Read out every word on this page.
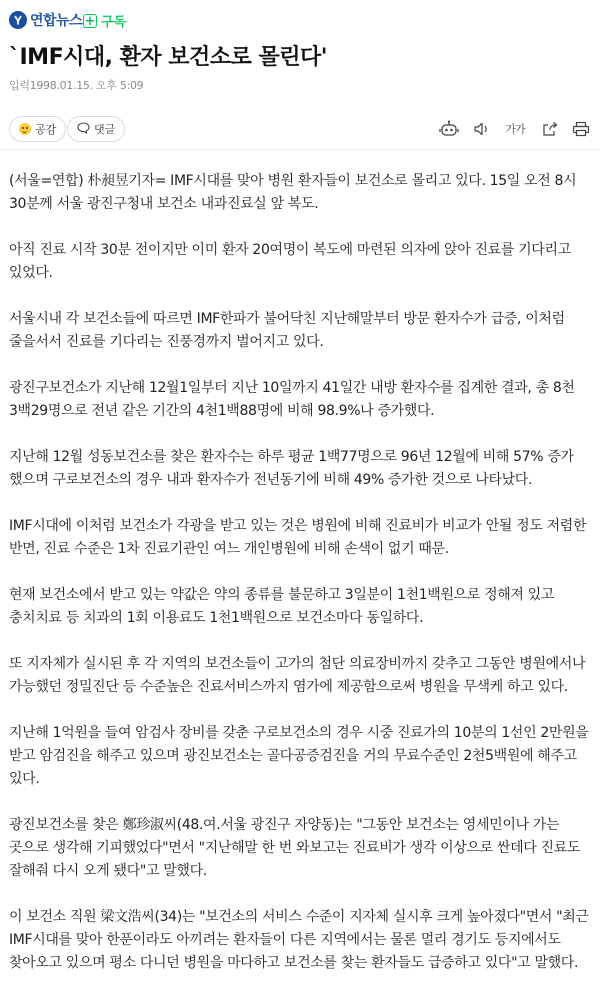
연합뉴스 + 구독
`IMF시대, 환자 보건소로 몰린다'
입력1998.01.15. 오후 5:09
공감	댓글	가가

(서울=연합) 朴昶昱기자= IMF시대를 맞아 병원 환자들이 보건소로 몰리고 있다. 15일 오전 8시 30분께 서울 광진구청내 보건소 내과진료실 앞 복도.

아직 진료 시작 30분 전이지만 이미 환자 20여명이 복도에 마련된 의자에 앉아 진료를 기다리고 있었다.

서울시내 각 보건소들에 따르면 IMF한파가 불어닥친 지난해말부터 방문 환자수가 급증, 이처럼 줄을서서 진료를 기다리는 진풍경까지 벌어지고 있다.

광진구보건소가 지난해 12월1일부터 지난 10일까지 41일간 내방 환자수를 집계한 결과, 총 8천 3백29명으로 전년 같은 기간의 4천1백88명에 비해 98.9%나 증가했다.

지난해 12월 성동보건소를 찾은 환자수는 하루 평균 1백77명으로 96년 12월에 비해 57% 증가 했으며 구로보건소의 경우 내과 환자수가 전년동기에 비해 49% 증가한 것으로 나타났다.

IMF시대에 이처럼 보건소가 각광을 받고 있는 것은 병원에 비해 진료비가 비교가 안될 정도 저렴한 반면, 진료 수준은 1차 진료기관인 여느 개인병원에 비해 손색이 없기 때문.

현재 보건소에서 받고 있는 약값은 약의 종류를 불문하고 3일분이 1천1백원으로 정해져 있고 충치치료 등 치과의 1회 이용료도 1천1백원으로 보건소마다 동일하다.

또 지자체가 실시된 후 각 지역의 보건소들이 고가의 첨단 의료장비까지 갖추고 그동안 병원에서나 가능했던 정밀진단 등 수준높은 진료서비스까지 염가에 제공함으로써 병원을 무색케 하고 있다.

지난해 1억원을 들여 암검사 장비를 갖춘 구로보건소의 경우 시중 진료가의 10분의 1선인 2만원을 받고 암검진을 해주고 있으며 광진보건소는 골다공증검진을 거의 무료수준인 2천5백원에 해주고 있다.

광진보건소를 찾은 鄭珍淑씨(48.여.서울 광진구 자양동)는 "그동안 보건소는 영세민이나 가는 곳으로 생각해 기피했었다"면서 "지난해말 한 번 와보고는 진료비가 생각 이상으로 싼데다 진료도 잘해줘 다시 오게 됐다"고 말했다.

이 보건소 직원 梁文浩씨(34)는 "보건소의 서비스 수준이 지자체 실시후 크게 높아졌다"면서 "최근 IMF시대를 맞아 한푼이라도 아끼려는 환자들이 다른 지역에서는 물론 멀리 경기도 등지에서도 찾아오고 있으며 평소 다니던 병원을 마다하고 보건소를 찾는 환자들도 급증하고 있다"고 말했다.
